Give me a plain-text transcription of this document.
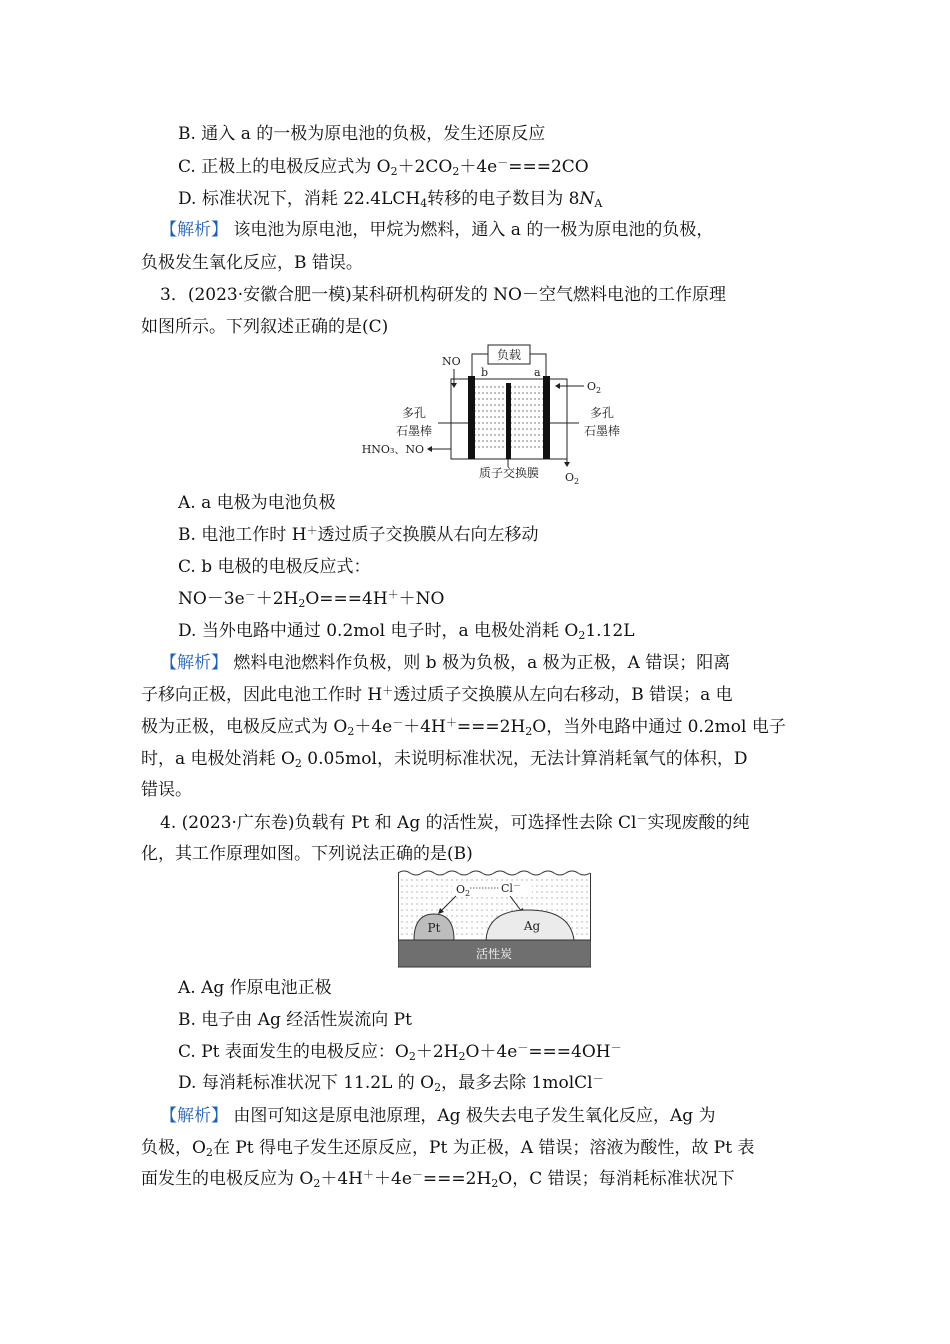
B. 通入 a 的一极为原电池的负极，发生还原反应
C. 正极上的电极反应式为 $O_2+2CO_2+4e^-===2CO$
D. 标准状况下，消耗 $22.4LCH_4$转移的电子数目为 $8N_A$
【解析】 该电池为原电池，甲烷为燃料，通入 a 的一极为原电池的负极，
负极发生氧化反应，B 错误。
3．(2023·安徽合肥一模)某科研机构研发的 NO－空气燃料电池的工作原理
如图所示。下列叙述正确的是(C)
负载
b	a
NO
$O_2$
多孔
石墨棒
多孔
石墨棒
HNO₃、NO
$O_2$
质子交换膜
A. a 电极为电池负极
B. 电池工作时 H＋透过质子交换膜从右向左移动
C. b 电极的电极反应式：
$NO-3e^-+2H_2O===4H^++NO$
D. 当外电路中通过 0.2mol 电子时，a 电极处消耗 $O_21.12L$
【解析】 燃料电池燃料作负极，则 b 极为负极，a 极为正极，A 错误；阳离
子移向正极，因此电池工作时 H＋透过质子交换膜从左向右移动，B 错误；a 电
极为正极，电极反应式为 $O_2+4e^-+4H^+===2H_2O$，当外电路中通过 0.2mol 电子
时，a 电极处消耗 $O_2$ 0.05mol，未说明标准状况，无法计算消耗氧气的体积，D
错误。
4. (2023·广东卷)负载有 Pt 和 Ag 的活性炭，可选择性去除 Cl－实现废酸的纯
化，其工作原理如图。下列说法正确的是(B)
$O_2$	Cl－
Pt	Ag
活性炭
A. Ag 作原电池正极
B. 电子由 Ag 经活性炭流向 Pt
C. Pt 表面发生的电极反应：$O_2+2H_2O+4e^-===4OH^-$
D. 每消耗标准状况下 11.2L 的 $O_2$，最多去除 1molCl－
【解析】 由图可知这是原电池原理，Ag 极失去电子发生氧化反应，Ag 为
负极，$O_2$在 Pt 得电子发生还原反应，Pt 为正极，A 错误；溶液为酸性，故 Pt 表
面发生的电极反应为 $O_2+4H^++4e^-===2H_2O$，C 错误；每消耗标准状况下
